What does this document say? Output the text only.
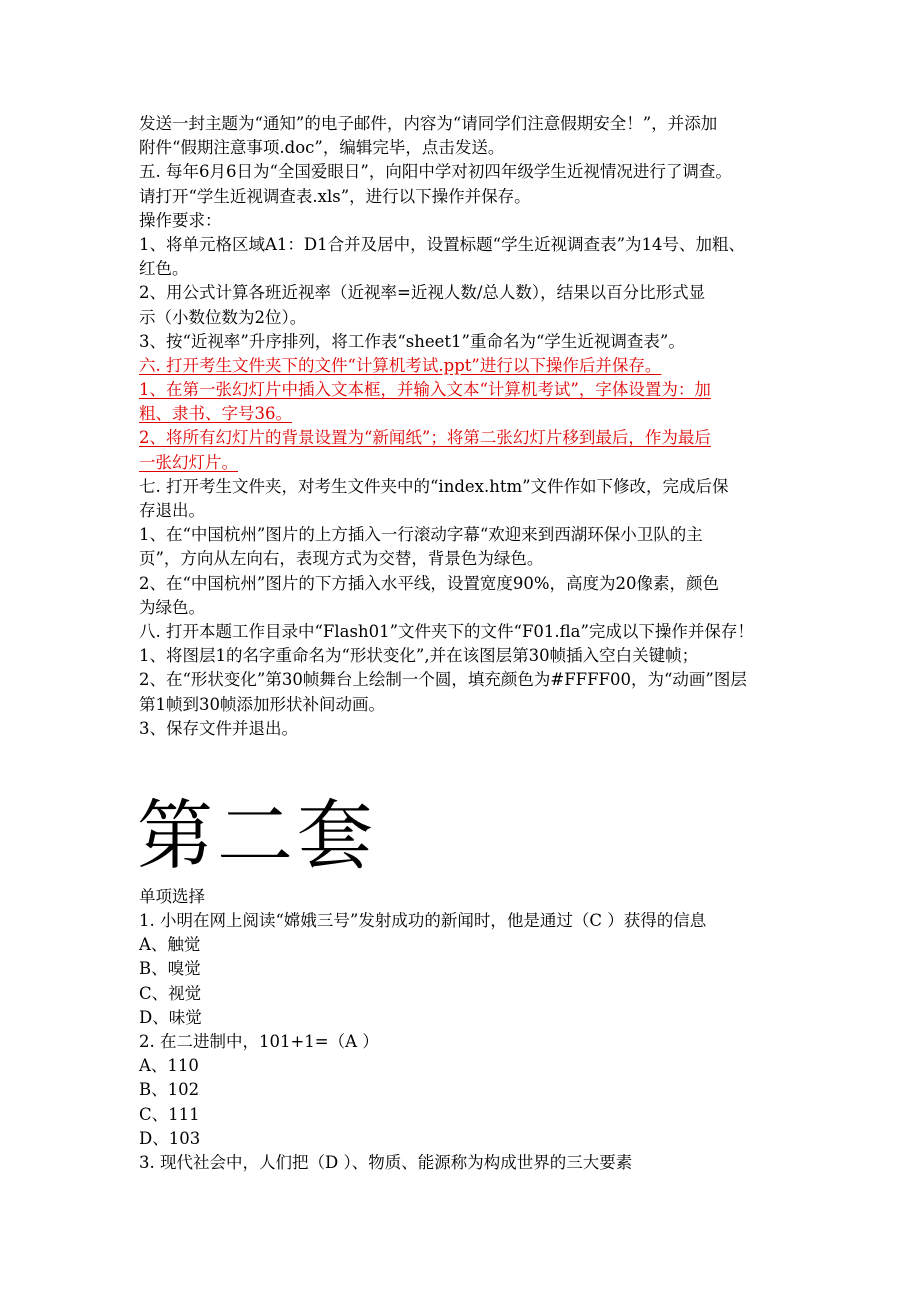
发送一封主题为“通知”的电子邮件，内容为“请同学们注意假期安全！”，并添加
附件“假期注意事项.doc”，编辑完毕，点击发送。
五. 每年6月6日为“全国爱眼日”，向阳中学对初四年级学生近视情况进行了调查。
请打开“学生近视调查表.xls”，进行以下操作并保存。
操作要求：
1、将单元格区域A1：D1合并及居中，设置标题“学生近视调查表”为14号、加粗、
红色。
2、用公式计算各班近视率（近视率=近视人数/总人数），结果以百分比形式显
示（小数位数为2位）。
3、按“近视率”升序排列，将工作表“sheet1”重命名为“学生近视调查表”。
六. 打开考生文件夹下的文件“计算机考试.ppt”进行以下操作后并保存。
1、在第一张幻灯片中插入文本框，并输入文本“计算机考试”，字体设置为：加
粗、隶书、字号36。
2、将所有幻灯片的背景设置为“新闻纸”；将第二张幻灯片移到最后，作为最后
一张幻灯片。
七. 打开考生文件夹，对考生文件夹中的“index.htm”文件作如下修改，完成后保
存退出。
1、在“中国杭州”图片的上方插入一行滚动字幕“欢迎来到西湖环保小卫队的主
页”，方向从左向右，表现方式为交替，背景色为绿色。
2、在“中国杭州”图片的下方插入水平线，设置宽度90%，高度为20像素，颜色
为绿色。
八. 打开本题工作目录中“Flash01”文件夹下的文件“F01.fla”完成以下操作并保存！
1、将图层1的名字重命名为“形状变化”,并在该图层第30帧插入空白关键帧；
2、在“形状变化”第30帧舞台上绘制一个圆，填充颜色为#FFFF00，为“动画”图层
第1帧到30帧添加形状补间动画。
3、保存文件并退出。
第二套
单项选择
1. 小明在网上阅读“嫦娥三号”发射成功的新闻时，他是通过（C ）获得的信息
A、触觉
B、嗅觉
C、视觉
D、味觉
2. 在二进制中，101+1=（A ）
A、110
B、102
C、111
D、103
3. 现代社会中，人们把（D ）、物质、能源称为构成世界的三大要素
